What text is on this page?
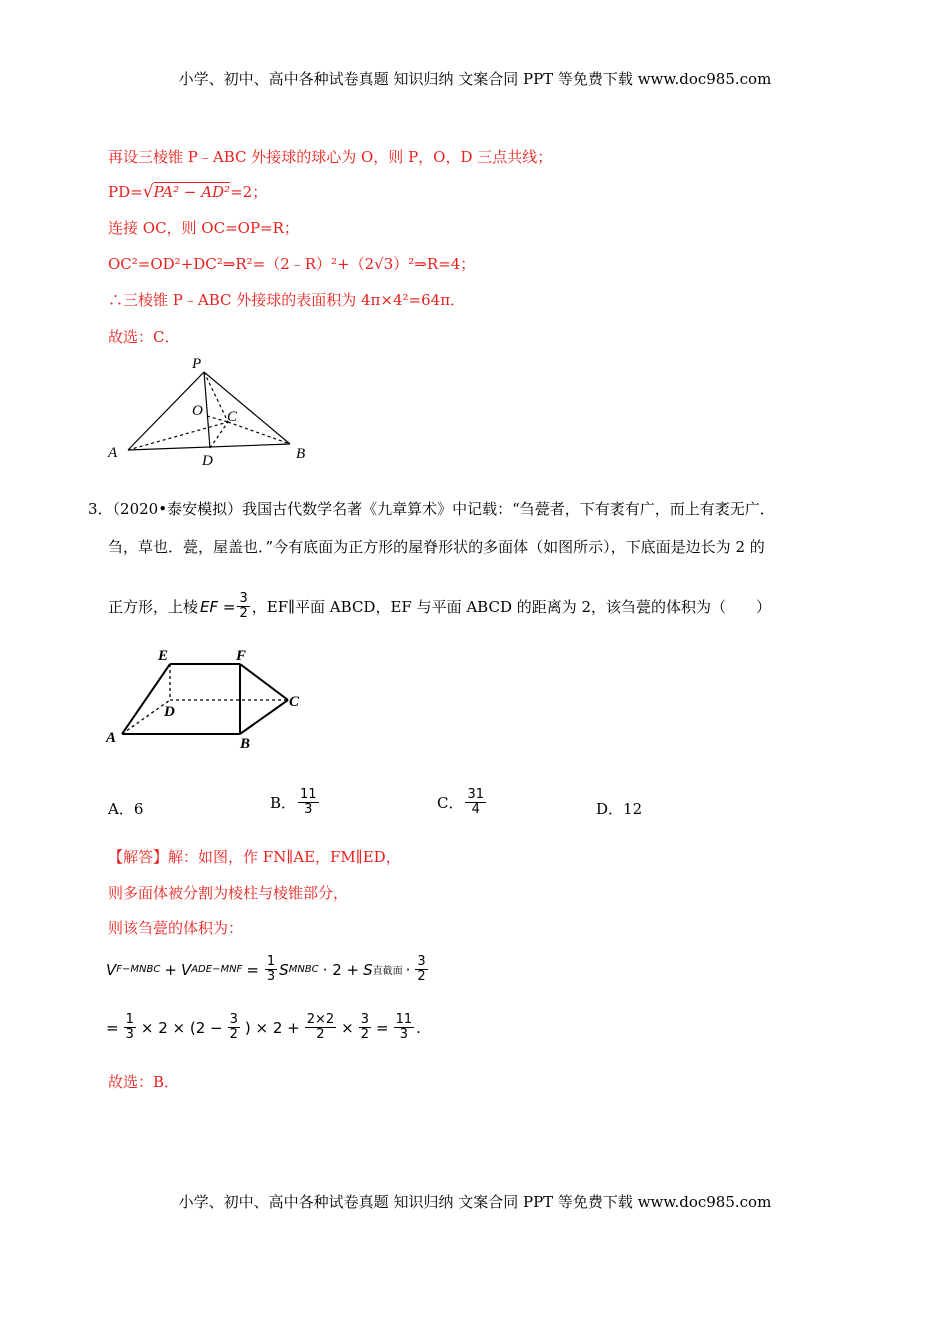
小学、初中、高中各种试卷真题 知识归纳 文案合同 PPT 等免费下载 www.doc985.com
再设三棱锥 P﹣ABC 外接球的球心为 O，则 P，O，D 三点共线；
PD=√PA² − AD²=2；
连接 OC，则 OC=OP=R；
OC²=OD²+DC²⇒R²=（2﹣R）²+（2√3）²⇒R=4；
∴三棱锥 P﹣ABC 外接球的表面积为 4π×4²=64π．
故选：C．
P
O C
A	D	B
3．（2020•泰安模拟）我国古代数学名著《九章算术》中记载：“刍甍者，下有袤有广，而上有袤无广．
刍，草也．甍，屋盖也．”今有底面为正方形的屋脊形状的多面体（如图所示），下底面是边长为 2 的
正方形，上棱 EF = $\frac{3}{2}$ ，EF∥平面 ABCD，EF 与平面 ABCD 的距离为 2，该刍甍的体积为（　　）
E	F
C
D
A	B
A．6	B． $\frac{11}{3}$	C． $\frac{31}{4}$	D．12
【解答】解：如图，作 FN∥AE，FM∥ED，
则多面体被分割为棱柱与棱锥部分，
则该刍甍的体积为：
V F−MNBC + V $ADE-MNF = \frac{1}{3}$ S MNBC · 2 + S 直截面 · $\frac{3}{2}$
= $\frac{1}{3} \times 2 \times (2 - \frac{3}{2}$ ) × $2 + \frac{2\times 2}{2} \times \frac{3}{2} = \frac{11}{3}$ .
故选：B．
小学、初中、高中各种试卷真题 知识归纳 文案合同 PPT 等免费下载 www.doc985.com
